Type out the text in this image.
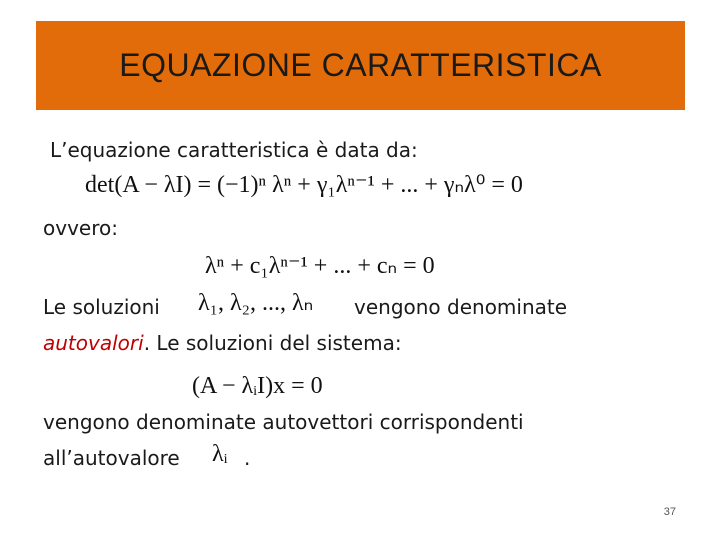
EQUAZIONE CARATTERISTICA
L’equazione caratteristica è data da:
det(A − λI) = (−1)ⁿ λⁿ + γ₁λⁿ⁻¹ + ... + γₙλ⁰ = 0
ovvero:
λⁿ + c₁λⁿ⁻¹ + ... + cₙ = 0
Le soluzioni λ₁, λ₂, ..., λₙ vengono denominate
autovalori. Le soluzioni del sistema:
(A − λᵢI)x = 0
vengono denominate autovettori corrispondenti
all’autovalore λᵢ .
37
